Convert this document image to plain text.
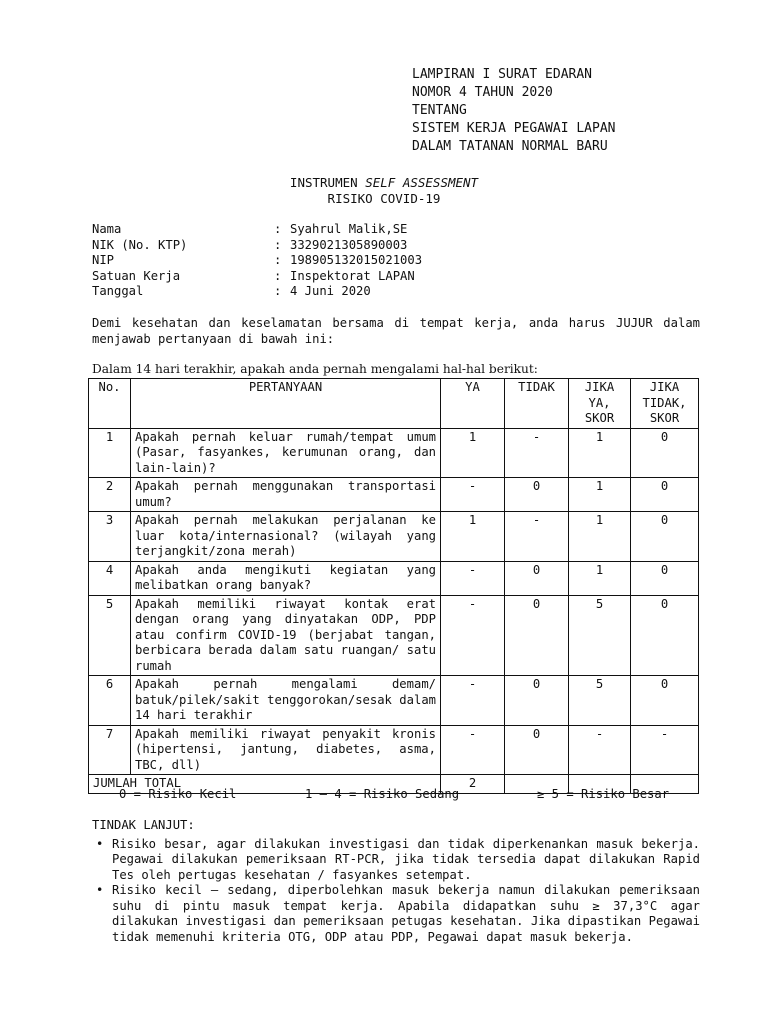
LAMPIRAN I SURAT EDARAN
NOMOR 4 TAHUN 2020
TENTANG
SISTEM KERJA PEGAWAI LAPAN
DALAM TATANAN NORMAL BARU
INSTRUMEN SELF ASSESSMENT
RISIKO COVID-19
Nama	: Syahrul Malik,SE
NIK (No. KTP)	: 3329021305890003
NIP	: 198905132015021003
Satuan Kerja	: Inspektorat LAPAN
Tanggal	: 4 Juni 2020
Demi kesehatan dan keselamatan bersama di tempat kerja, anda harus JUJUR dalam menjawab pertanyaan di bawah ini:
Dalam 14 hari terakhir, apakah anda pernah mengalami hal-hal berikut:
No.	PERTANYAAN	YA	TIDAK	JIKA YA, SKOR	JIKA TIDAK, SKOR
1	Apakah pernah keluar rumah/tempat umum (Pasar, fasyankes, kerumunan orang, dan lain-lain)?	1	-	1	0
2	Apakah pernah menggunakan transportasi umum?	-	0	1	0
3	Apakah pernah melakukan perjalanan ke luar kota/internasional? (wilayah yang terjangkit/zona merah)	1	-	1	0
4	Apakah anda mengikuti kegiatan yang melibatkan orang banyak?	-	0	1	0
5	Apakah memiliki riwayat kontak erat dengan orang yang dinyatakan ODP, PDP atau confirm COVID-19 (berjabat tangan, berbicara berada dalam satu ruangan/ satu rumah	-	0	5	0
6	Apakah pernah mengalami demam/ batuk/pilek/sakit tenggorokan/sesak dalam 14 hari terakhir	-	0	5	0
7	Apakah memiliki riwayat penyakit kronis (hipertensi, jantung, diabetes, asma, TBC, dll)	-	0	-	-
JUMLAH TOTAL		2			
0 = Risiko Kecil	1 – 4 = Risiko Sedang	≥ 5 = Risiko Besar
TINDAK LANJUT:
• Risiko besar, agar dilakukan investigasi dan tidak diperkenankan masuk bekerja. Pegawai dilakukan pemeriksaan RT-PCR, jika tidak tersedia dapat dilakukan Rapid Tes oleh pertugas kesehatan / fasyankes setempat.
• Risiko kecil – sedang, diperbolehkan masuk bekerja namun dilakukan pemeriksaan suhu di pintu masuk tempat kerja. Apabila didapatkan suhu ≥ 37,3°C agar dilakukan investigasi dan pemeriksaan petugas kesehatan. Jika dipastikan Pegawai tidak memenuhi kriteria OTG, ODP atau PDP, Pegawai dapat masuk bekerja.
